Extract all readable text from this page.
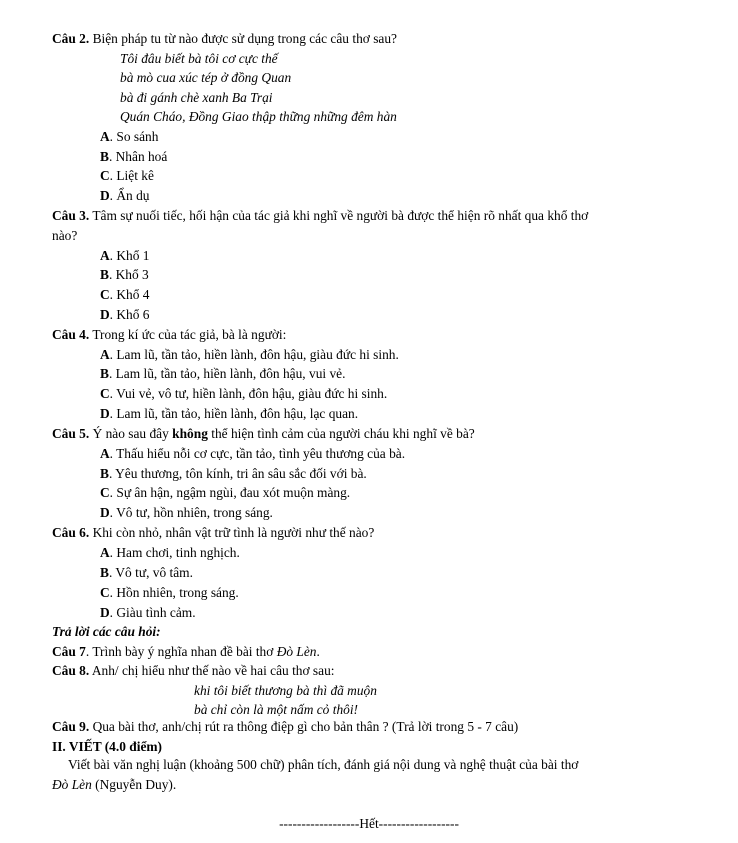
Câu 2. Biện pháp tu từ nào được sử dụng trong các câu thơ sau?
Tôi đâu biết bà tôi cơ cực thế
bà mò cua xúc tép ở đồng Quan
bà đi gánh chè xanh Ba Trại
Quán Cháo, Đồng Giao thập thững những đêm hàn
A. So sánh
B. Nhân hoá
C. Liệt kê
D. Ẩn dụ
Câu 3. Tâm sự nuối tiếc, hối hận của tác giả khi nghĩ về người bà được thể hiện rõ nhất qua khổ thơ
nào?
A. Khổ 1
B. Khổ 3
C. Khổ 4
D. Khổ 6
Câu 4. Trong kí ức của tác giả, bà là người:
A. Lam lũ, tần tảo, hiền lành, đôn hậu, giàu đức hi sinh.
B. Lam lũ, tần tảo, hiền lành, đôn hậu, vui vẻ.
C. Vui vẻ, vô tư, hiền lành, đôn hậu, giàu đức hi sinh.
D. Lam lũ, tần tảo, hiền lành, đôn hậu, lạc quan.
Câu 5. Ý nào sau đây không thể hiện tình cảm của người cháu khi nghĩ về bà?
A. Thấu hiểu nỗi cơ cực, tần tảo, tình yêu thương của bà.
B. Yêu thương, tôn kính, tri ân sâu sắc đối với bà.
C. Sự ân hận, ngậm ngùi, đau xót muộn màng.
D. Vô tư, hồn nhiên, trong sáng.
Câu 6. Khi còn nhỏ, nhân vật trữ tình là người như thế nào?
A. Ham chơi, tinh nghịch.
B. Vô tư, vô tâm.
C. Hồn nhiên, trong sáng.
D. Giàu tình cảm.
Trả lời các câu hỏi:
Câu 7. Trình bày ý nghĩa nhan đề bài thơ Đò Lèn.
Câu 8. Anh/ chị hiểu như thế nào về hai câu thơ sau:
khi tôi biết thương bà thì đã muộn
bà chỉ còn là một nấm cỏ thôi!
Câu 9. Qua bài thơ, anh/chị rút ra thông điệp gì cho bản thân ? (Trả lời trong 5 - 7 câu)
II. VIẾT (4.0 điểm)
Viết bài văn nghị luận (khoảng 500 chữ) phân tích, đánh giá nội dung và nghệ thuật của bài thơ
Đò Lèn (Nguyễn Duy).
------------------Hết------------------
